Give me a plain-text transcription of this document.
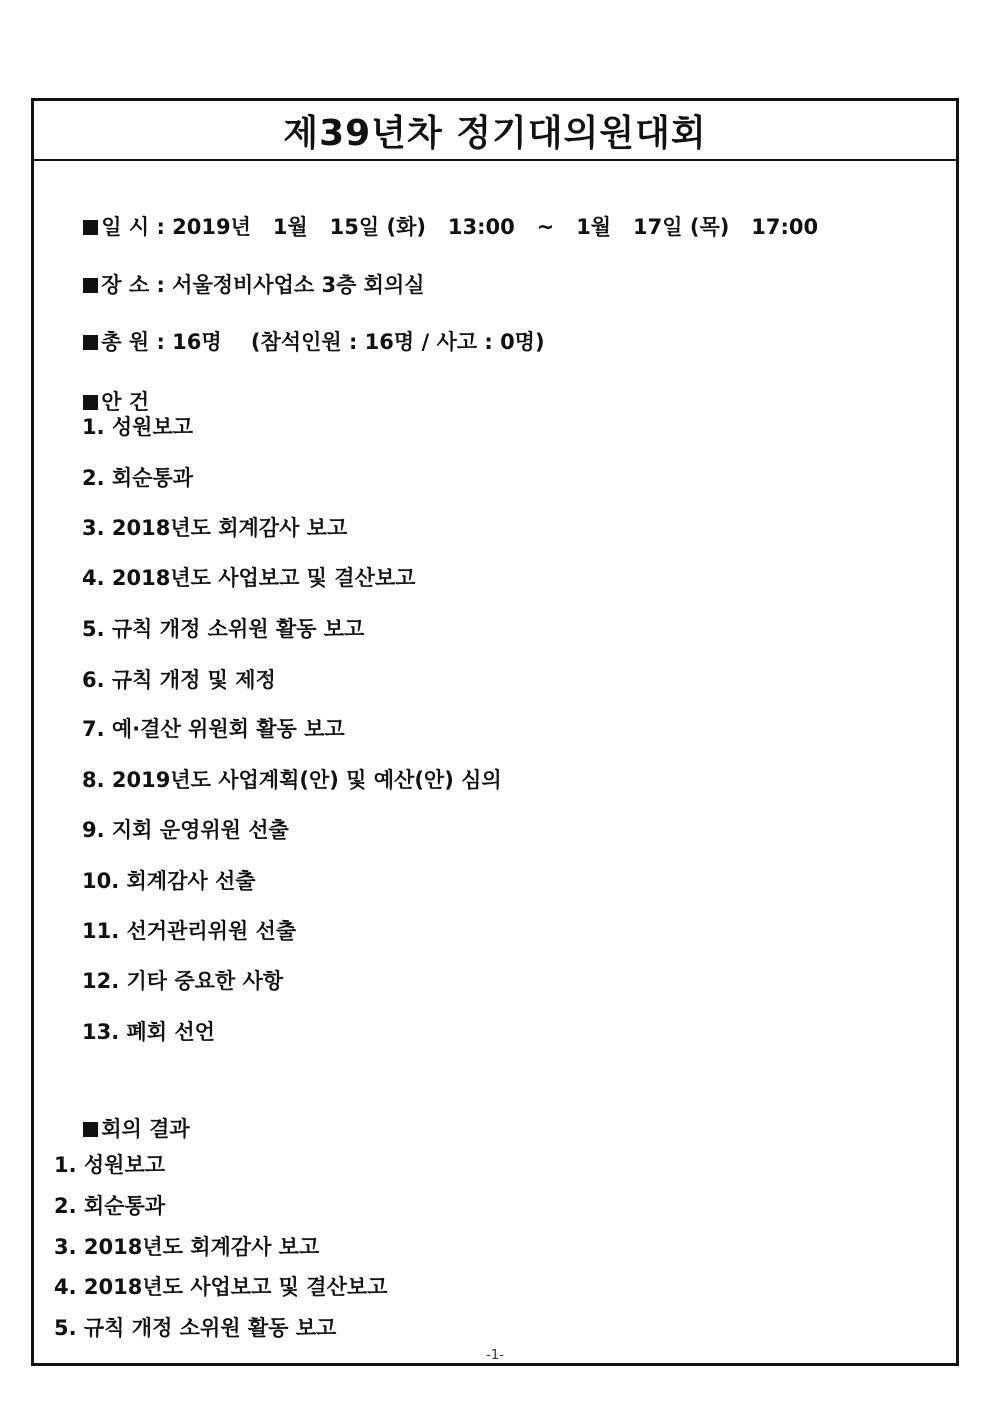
제39년차 정기대의원대회

일 시 : 2019년   1월   15일 (화)   13:00   ~   1월   17일 (목)   17:00

장 소 : 서울정비사업소 3층 회의실

총 원 : 16명    (참석인원 : 16명 / 사고 : 0명)

안 건

1. 성원보고
2. 회순통과
3. 2018년도 회계감사 보고
4. 2018년도 사업보고 및 결산보고
5. 규칙 개정 소위원 활동 보고
6. 규칙 개정 및 제정
7. 예·결산 위원회 활동 보고
8. 2019년도 사업계획(안) 및 예산(안) 심의
9. 지회 운영위원 선출
10. 회계감사 선출
11. 선거관리위원 선출
12. 기타 중요한 사항
13. 폐회 선언

회의 결과

1. 성원보고
2. 회순통과
3. 2018년도 회계감사 보고
4. 2018년도 사업보고 및 결산보고
5. 규칙 개정 소위원 활동 보고
-1-
